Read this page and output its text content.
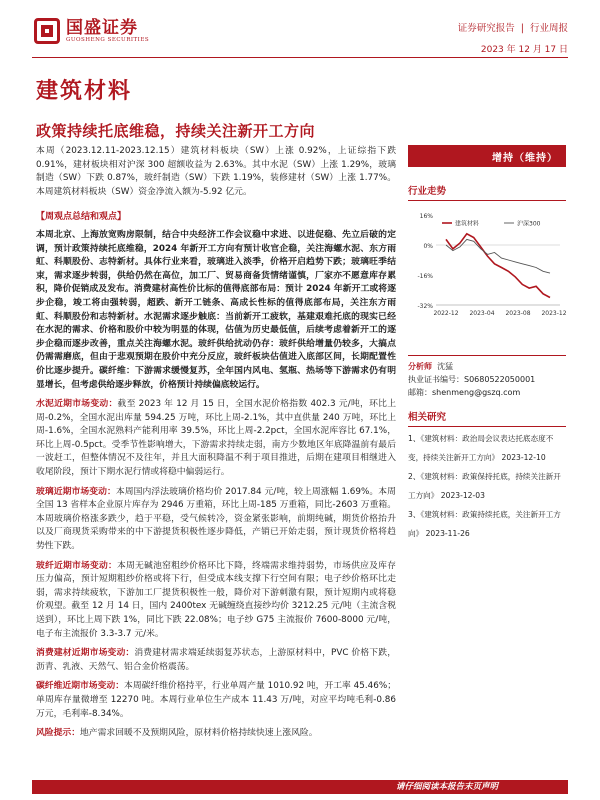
国盛证券
GUOSHENG SECURITIES
证券研究报告 | 行业周报
2023 年 12 月 17 日
建筑材料
政策持续托底维稳，持续关注新开工方向

本周（2023.12.11-2023.12.15）建筑材料板块（SW）上涨 0.92%，上证综指下跌 0.91%，建材板块相对沪深 300 超额收益为 2.63%。其中水泥（SW）上涨 1.29%，玻璃制造（SW）下跌 0.87%，玻纤制造（SW）下跌 1.19%，装修建材（SW）上涨 1.77%。本周建筑材料板块（SW）资金净流入额为-5.92 亿元。

【周观点总结和观点】

本周北京、上海放宽购房限制，结合中央经济工作会议稳中求进、以进促稳、先立后破的定调，预计政策持续托底维稳，2024 年新开工方向有预计收官企稳，关注海螺水泥、东方雨虹、科顺股份、志特新材。具体行业来看，玻璃进入淡季，价格开启趋势下跌；玻璃旺季结束，需求逐步转弱，供给仍然在高位，加工厂、贸易商备货情绪谨慎，厂家亦不愿意库存累积，降价促销成及发布。消费建材高性价比标的值得底部布局：预计 2024 年新开工或将逐步企稳，竣工将由强转弱，超跌、新开工链条、高成长性标的值得底部布局，关注东方雨虹、科顺股份和志特新材。水泥需求逐步触底：当前新开工疲软，基建艰难托底的现实已经在水泥的需求、价格和股价中较为明显的体现，估值为历史最低值，后续考虑着新开工的逐步企稳而逐步改善，重点关注海螺水泥。玻纤供给扰动仍存：玻纤供给增量仍较多，大搞点仍需需磨底，但由于悲观预期在股价中充分反应，玻纤板块估值进入底部区间，长期配置性价比逐步提升。碳纤维：下游需求缓慢复苏，全年国内风电、氢瓶、热场等下游需求仍有明显增长，但考虑供给逐步释放，价格预计持续偏底较运行。

水泥近期市场变动：截至 2023 年 12 月 15 日，全国水泥价格指数 402.3 元/吨，环比上周-0.2%，全国水泥出库量 594.25 万吨，环比上周-2.1%，其中直供量 240 万吨，环比上周-1.6%，全国水泥熟料产能利用率 39.5%，环比上周-2.2pct，全国水泥库容比 67.1%，环比上周-0.5pct。受季节性影响增大，下游需求持续走弱，南方少数地区年底降温前有最后一波赶工，但整体情况不及往年，并且大面积降温不利于项目推进，后期在建项目相继进入收尾阶段，预计下期水泥行情或将稳中偏弱运行。

玻璃近期市场变动：本周国内浮法玻璃价格均价 2017.84 元/吨，较上周涨幅 1.69%。本周全国 13 省样本企业原片库存为 2946 万重箱，环比上周-185 万重箱，同比-2603 万重箱。本周玻璃价格涨多跌少，趋于平稳，受气候转冷，资金紧张影响，前期纯碱，期货价格抬升以及厂商现货采购带来的中下游提货积极性逐步降低，产销已开始走弱，预计现货价格将趋势性下跌。

玻纤近期市场变动：本周无碱池窑粗纱价格环比下降，终端需求维持弱势，市场供应及库存压力偏高，预计短期粗纱价格或将下行，但受成本线支撑下行空间有限；电子纱价格环比走弱，需求持续疲软，下游加工厂提货积极性一般，降价对下游刺激有限，预计短期内或将稳价观望。截至 12 月 14 日，国内 2400tex 无碱缠绕直接纱均价 3212.25 元/吨（主流含税送到），环比上周下跌 1%，同比下跌 22.08%；电子纱 G75 主流报价 7600-8000 元/吨，电子布主流报价 3.3-3.7 元/米。

消费建材近期市场变动：消费建材需求端延续弱复苏状态，上游原材料中，PVC 价格下跌，沥青、乳液、天然气、铝合金价格震荡。

碳纤维近期市场变动：本周碳纤维价格持平，行业单周产量 1010.92 吨，开工率 45.46%；单周库存量微增至 12270 吨。本周行业单位生产成本 11.43 万/吨，对应平均吨毛利-0.86 万元，毛利率-8.34%。

风险提示：地产需求回暖不及预期风险，原材料价格持续快速上涨风险。

增持（维持）
行业走势
16%
0%
-16%
-32%
2022-12 2023-04 2023-08 2023-12
建筑材料	沪深300

分析师 沈猛
执业证书编号：S0680522050001
邮箱：shenmeng@gszq.com
相关研究
1、《建筑材料：政治局会议表达托底态度不变，持续关注新开工方向》 2023-12-10
2、《建筑材料：政策保持托底，持续关注新开工方向》 2023-12-03
3、《建筑材料：政策持续托底，关注新开工方向》 2023-11-26
请仔细阅读本报告末页声明
